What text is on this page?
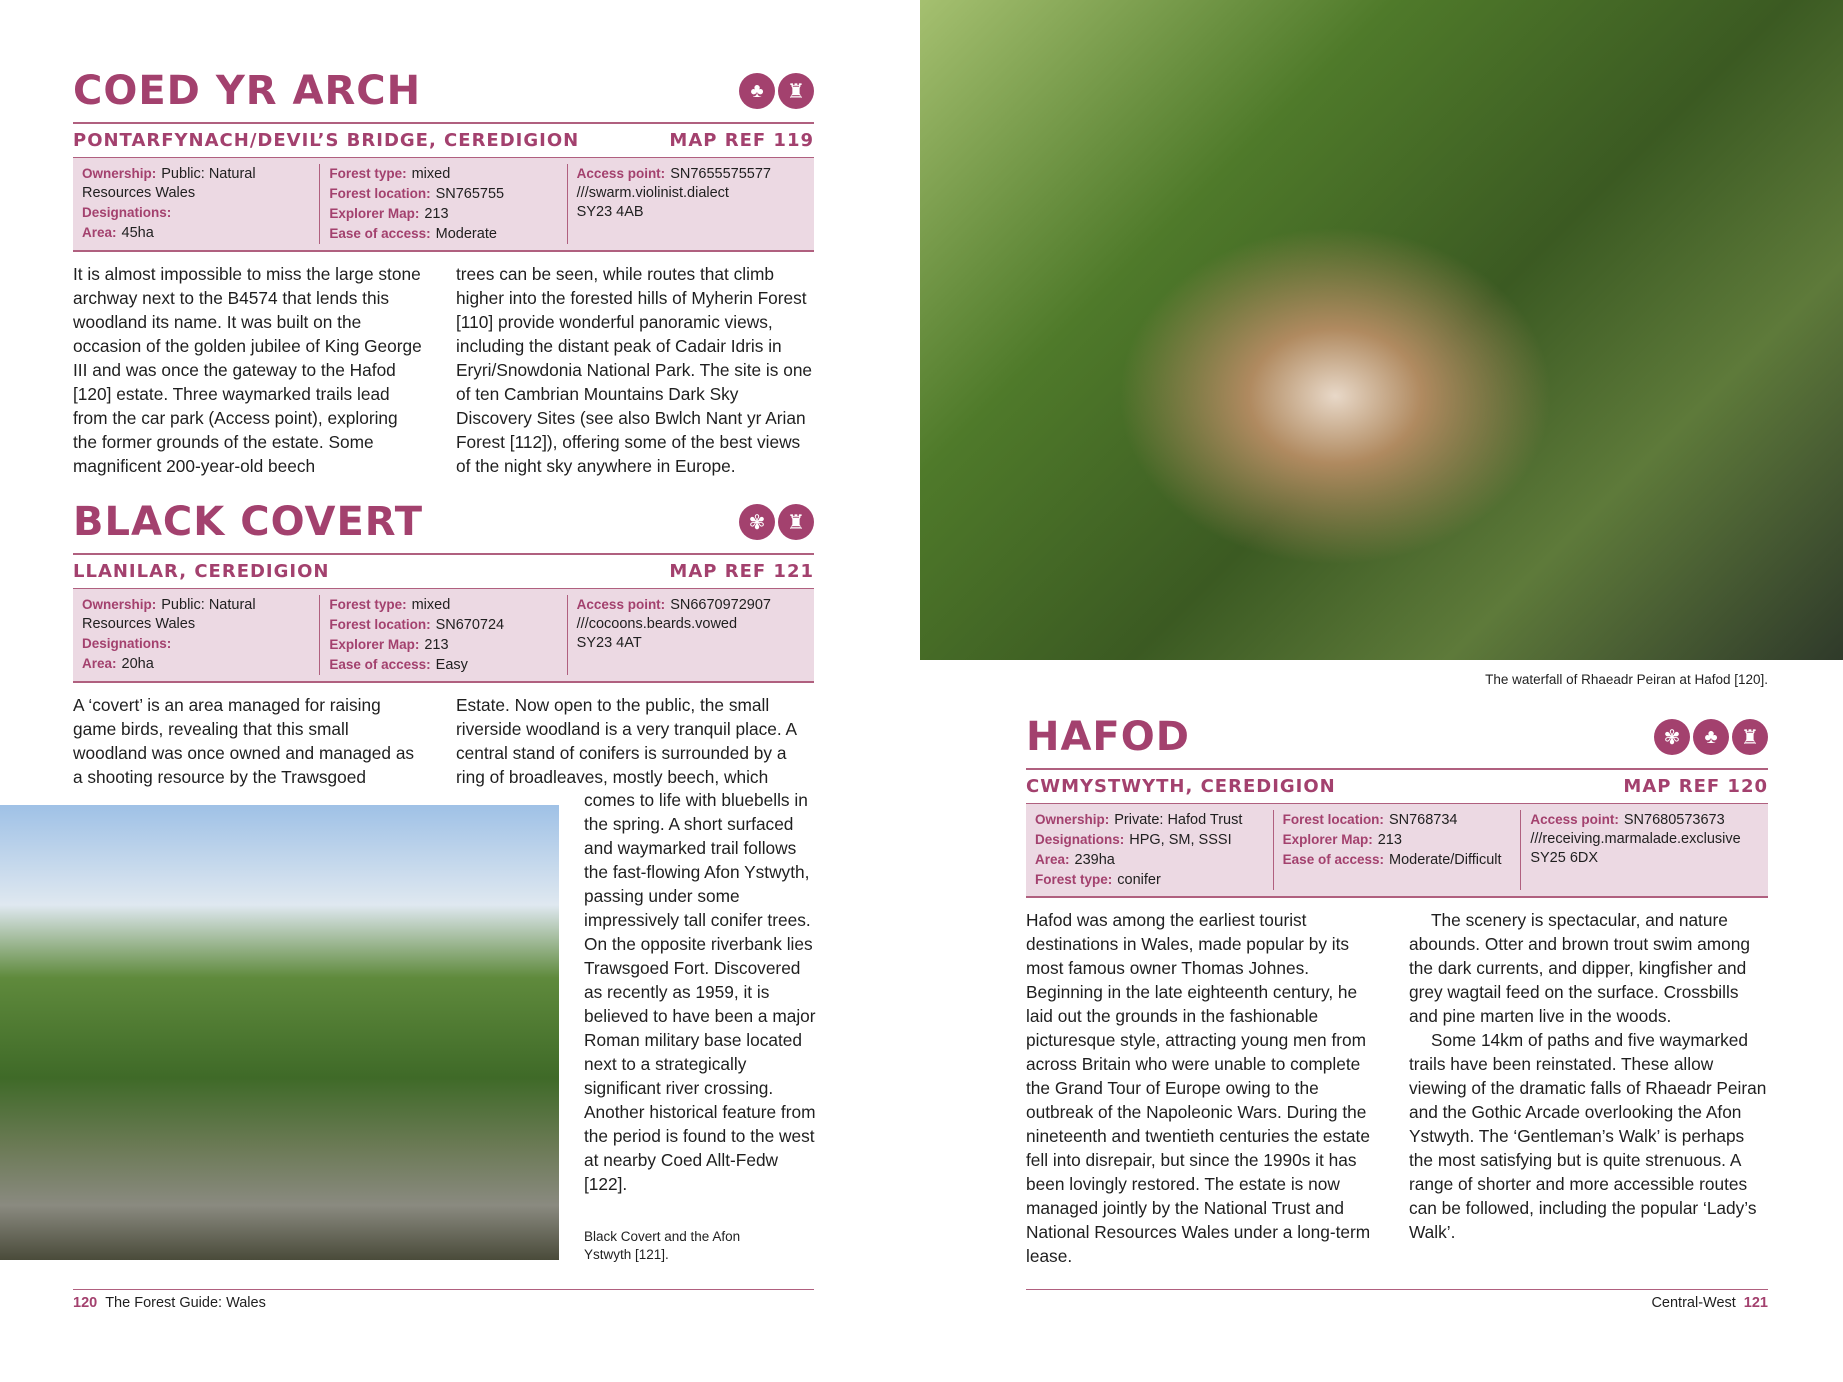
COED YR ARCH	♣	♜
PONTARFYNACH/DEVIL’S BRIDGE, CEREDIGION	MAP REF 119
Ownership: Public: Natural Resources Wales
Designations:
Area: 45ha
Forest type: mixed
Forest location: SN765755
Explorer Map: 213
Ease of access: Moderate
Access point: SN7655575577
///swarm.violinist.dialect
SY23 4AB
It is almost impossible to miss the large stone archway next to the B4574 that lends this woodland its name. It was built on the occasion of the golden jubilee of King George III and was once the gateway to the Hafod [120] estate. Three waymarked trails lead from the car park (Access point), exploring the former grounds of the estate. Some magnificent 200-year-old beech
trees can be seen, while routes that climb higher into the forested hills of Myherin Forest [110] provide wonderful panoramic views, including the distant peak of Cadair Idris in Eryri/Snowdonia National Park. The site is one of ten Cambrian Mountains Dark Sky Discovery Sites (see also Bwlch Nant yr Arian Forest [112]), offering some of the best views of the night sky anywhere in Europe.
BLACK COVERT	✾	♜
LLANILAR, CEREDIGION	MAP REF 121
Ownership: Public: Natural Resources Wales
Designations:
Area: 20ha
Forest type: mixed
Forest location: SN670724
Explorer Map: 213
Ease of access: Easy
Access point: SN6670972907
///cocoons.beards.vowed
SY23 4AT
A ‘covert’ is an area managed for raising game birds, revealing that this small woodland was once owned and managed as a shooting resource by the Trawsgoed
Estate. Now open to the public, the small riverside woodland is a very tranquil place. A central stand of conifers is surrounded by a ring of broadleaves, mostly beech, which
comes to life with bluebells in the spring. A short surfaced and waymarked trail follows the fast-flowing Afon Ystwyth, passing under some impressively tall conifer trees. On the opposite riverbank lies Trawsgoed Fort. Discovered as recently as 1959, it is believed to have been a major Roman military base located next to a strategically significant river crossing. Another historical feature from the period is found to the west at nearby Coed Allt-Fedw [122].
Black Covert and the Afon Ystwyth [121].
120 The Forest Guide: Wales
The waterfall of Rhaeadr Peiran at Hafod [120].
HAFOD	✾	♣	♜
CWMYSTWYTH, CEREDIGION	MAP REF 120
Ownership: Private: Hafod Trust
Designations: HPG, SM, SSSI
Area: 239ha
Forest type: conifer
Forest location: SN768734
Explorer Map: 213
Ease of access: Moderate/Difficult
Access point: SN7680573673
///receiving.marmalade.exclusive
SY25 6DX
Hafod was among the earliest tourist destinations in Wales, made popular by its most famous owner Thomas Johnes. Beginning in the late eighteenth century, he laid out the grounds in the fashionable picturesque style, attracting young men from across Britain who were unable to complete the Grand Tour of Europe owing to the outbreak of the Napoleonic Wars. During the nineteenth and twentieth centuries the estate fell into disrepair, but since the 1990s it has been lovingly restored. The estate is now managed jointly by the National Trust and National Resources Wales under a long-term lease.

The scenery is spectacular, and nature abounds. Otter and brown trout swim among the dark currents, and dipper, kingfisher and grey wagtail feed on the surface. Crossbills and pine marten live in the woods.

Some 14km of paths and five waymarked trails have been reinstated. These allow viewing of the dramatic falls of Rhaeadr Peiran and the Gothic Arcade overlooking the Afon Ystwyth. The ‘Gentleman’s Walk’ is perhaps the most satisfying but is quite strenuous. A range of shorter and more accessible routes can be followed, including the popular ‘Lady’s Walk’.

Central-West 121
